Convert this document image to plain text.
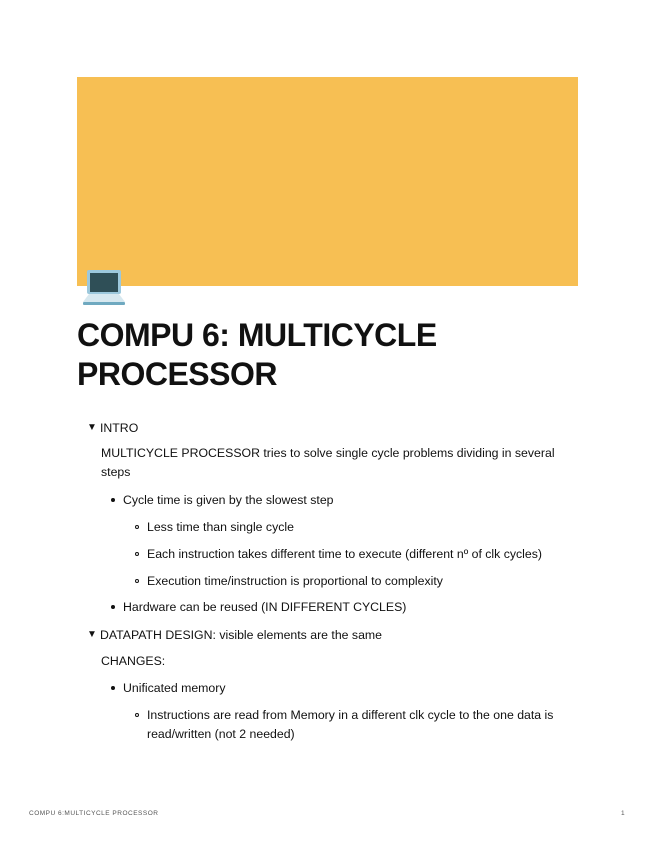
COMPU 6: MULTICYCLE PROCESSOR
▼ INTRO
MULTICYCLE PROCESSOR tries to solve single cycle problems dividing in several steps
Cycle time is given by the slowest step
Less time than single cycle
Each instruction takes different time to execute (different nº of clk cycles)
Execution time/instruction is proportional to complexity
Hardware can be reused (IN DIFFERENT CYCLES)
▼ DATAPATH DESIGN: visible elements are the same
CHANGES:
Unificated memory
Instructions are read from Memory in a different clk cycle to the one data is read/written (not 2 needed)
COMPU 6:MULTICYCLE PROCESSOR	1
